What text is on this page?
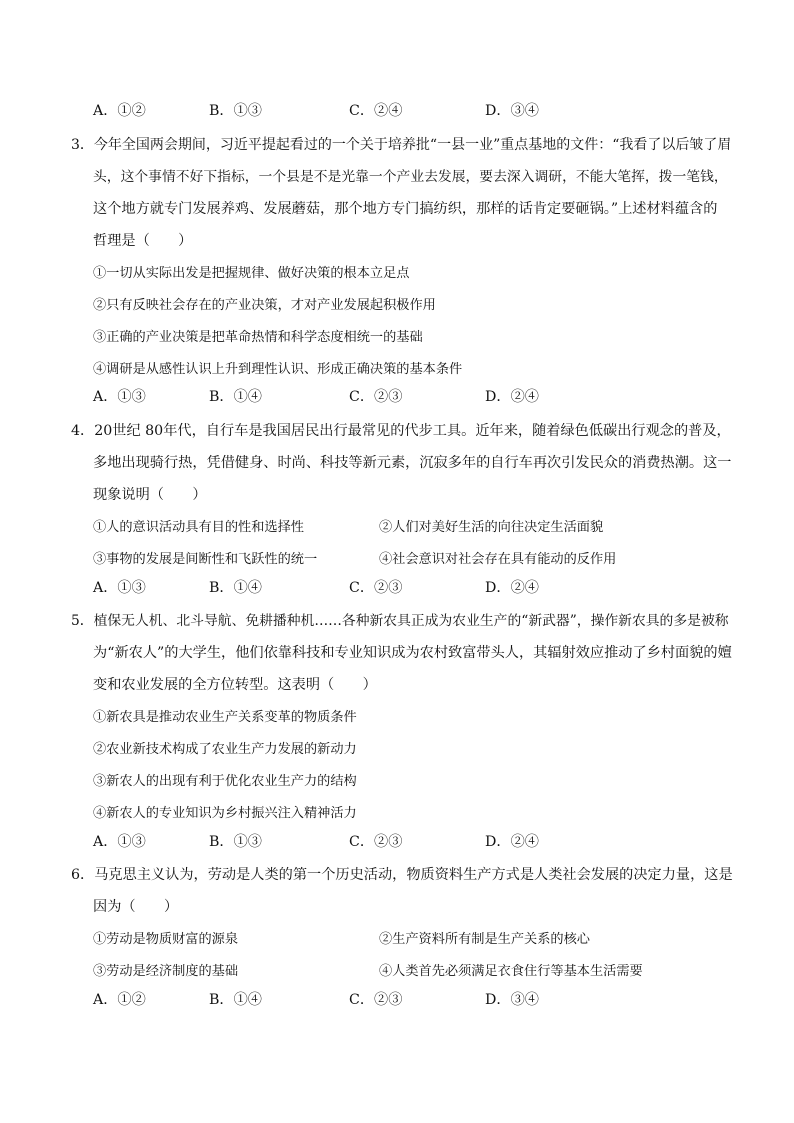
A．①②	B．①③	C．②④	D．③④
3．今年全国两会期间，习近平提起看过的一个关于培养批“一县一业”重点基地的文件：“我看了以后皱了眉
头，这个事情不好下指标，一个县是不是光靠一个产业去发展，要去深入调研，不能大笔挥，拨一笔钱，
这个地方就专门发展养鸡、发展蘑菇，那个地方专门搞纺织，那样的话肯定要砸锅。”上述材料蕴含的
哲理是（　　）
①一切从实际出发是把握规律、做好决策的根本立足点
②只有反映社会存在的产业决策，才对产业发展起积极作用
③正确的产业决策是把革命热情和科学态度相统一的基础
④调研是从感性认识上升到理性认识、形成正确决策的基本条件
A．①③	B．①④	C．②③	D．②④
4．20世纪 80年代，自行车是我国居民出行最常见的代步工具。近年来，随着绿色低碳出行观念的普及，
多地出现骑行热，凭借健身、时尚、科技等新元素，沉寂多年的自行车再次引发民众的消费热潮。这一
现象说明（　　）
①人的意识活动具有目的性和选择性	②人们对美好生活的向往决定生活面貌
③事物的发展是间断性和飞跃性的统一	④社会意识对社会存在具有能动的反作用
A．①③	B．①④	C．②③	D．②④
5．植保无人机、北斗导航、免耕播种机……各种新农具正成为农业生产的“新武器”，操作新农具的多是被称
为“新农人”的大学生，他们依靠科技和专业知识成为农村致富带头人，其辐射效应推动了乡村面貌的嬗
变和农业发展的全方位转型。这表明（　　）
①新农具是推动农业生产关系变革的物质条件
②农业新技术构成了农业生产力发展的新动力
③新农人的出现有利于优化农业生产力的结构
④新农人的专业知识为乡村振兴注入精神活力
A．①③	B．①③	C．②③	D．②④
6．马克思主义认为，劳动是人类的第一个历史活动，物质资料生产方式是人类社会发展的决定力量，这是
因为（　　）
①劳动是物质财富的源泉	②生产资料所有制是生产关系的核心
③劳动是经济制度的基础	④人类首先必须满足衣食住行等基本生活需要
A．①②	B．①④	C．②③	D．③④
